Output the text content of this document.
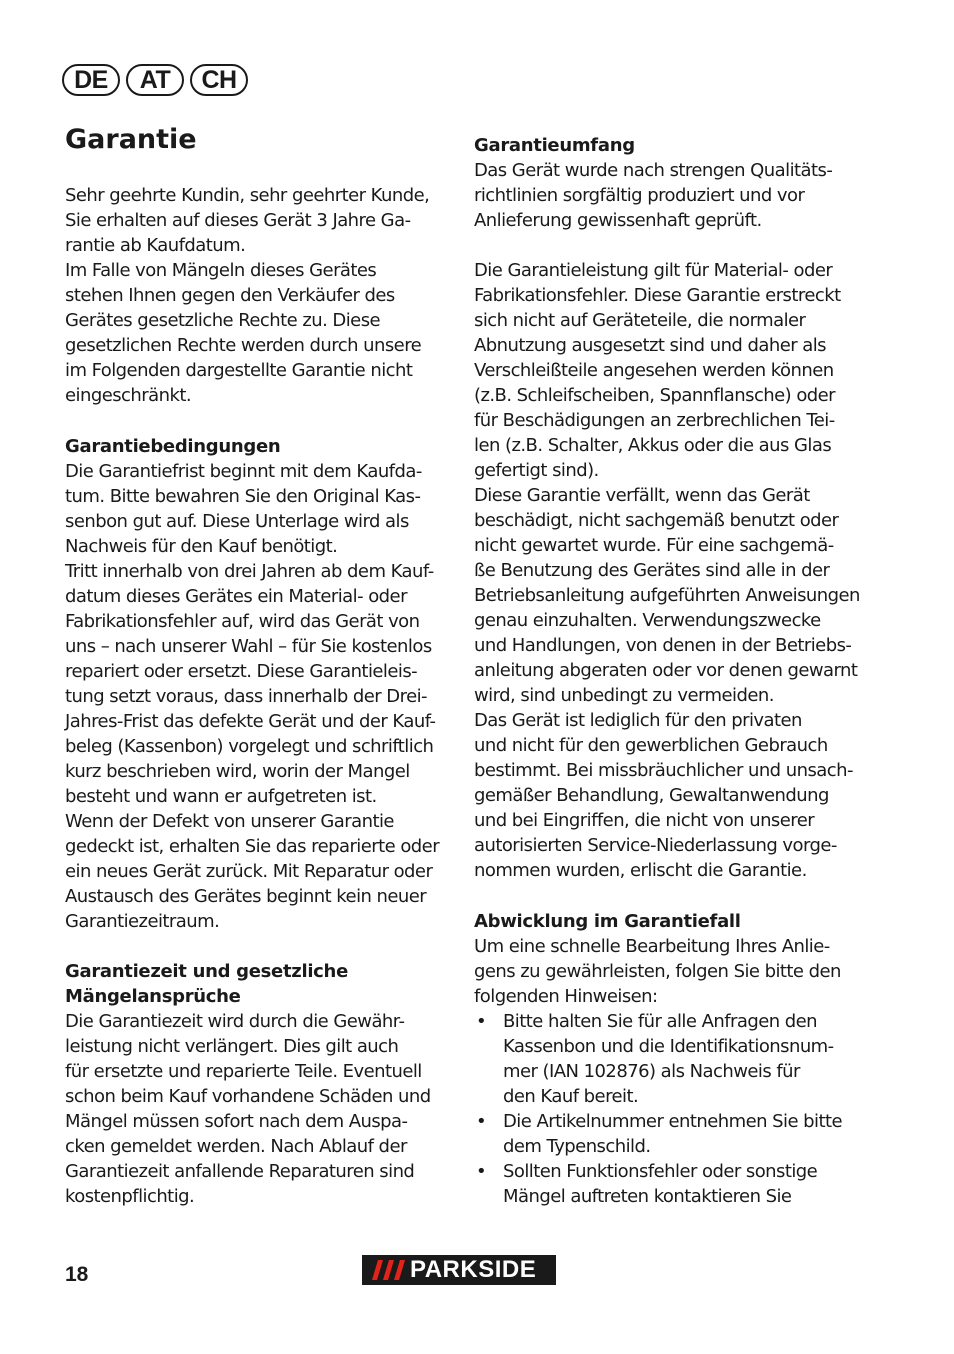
DE	AT	CH
Garantie

Sehr geehrte Kundin, sehr geehrter Kunde,
Sie erhalten auf dieses Gerät 3 Jahre Ga-
rantie ab Kaufdatum.
Im Falle von Mängeln dieses Gerätes
stehen Ihnen gegen den Verkäufer des
Gerätes gesetzliche Rechte zu. Diese
gesetzlichen Rechte werden durch unsere
im Folgenden dargestellte Garantie nicht
eingeschränkt.

Garantiebedingungen

Die Garantiefrist beginnt mit dem Kaufda-
tum. Bitte bewahren Sie den Original Kas-
senbon gut auf. Diese Unterlage wird als
Nachweis für den Kauf benötigt.
Tritt innerhalb von drei Jahren ab dem Kauf-
datum dieses Gerätes ein Material- oder
Fabrikationsfehler auf, wird das Gerät von
uns – nach unserer Wahl – für Sie kostenlos
repariert oder ersetzt. Diese Garantieleis-
tung setzt voraus, dass innerhalb der Drei-
Jahres-Frist das defekte Gerät und der Kauf-
beleg (Kassenbon) vorgelegt und schriftlich
kurz beschrieben wird, worin der Mangel
besteht und wann er aufgetreten ist.
Wenn der Defekt von unserer Garantie
gedeckt ist, erhalten Sie das reparierte oder
ein neues Gerät zurück. Mit Reparatur oder
Austausch des Gerätes beginnt kein neuer
Garantiezeitraum.

Garantiezeit und gesetzliche
Mängelansprüche

Die Garantiezeit wird durch die Gewähr-
leistung nicht verlängert. Dies gilt auch
für ersetzte und reparierte Teile. Eventuell
schon beim Kauf vorhandene Schäden und
Mängel müssen sofort nach dem Auspa-
cken gemeldet werden. Nach Ablauf der
Garantiezeit anfallende Reparaturen sind
kostenpflichtig.

Garantieumfang

Das Gerät wurde nach strengen Qualitäts-
richtlinien sorgfältig produziert und vor
Anlieferung gewissenhaft geprüft.

Die Garantieleistung gilt für Material- oder
Fabrikationsfehler. Diese Garantie erstreckt
sich nicht auf Geräteteile, die normaler
Abnutzung ausgesetzt sind und daher als
Verschleißteile angesehen werden können
(z.B. Schleifscheiben, Spannflansche) oder
für Beschädigungen an zerbrechlichen Tei-
len (z.B. Schalter, Akkus oder die aus Glas
gefertigt sind).
Diese Garantie verfällt, wenn das Gerät
beschädigt, nicht sachgemäß benutzt oder
nicht gewartet wurde. Für eine sachgemä-
ße Benutzung des Gerätes sind alle in der
Betriebsanleitung aufgeführten Anweisungen
genau einzuhalten. Verwendungszwecke
und Handlungen, von denen in der Betriebs-
anleitung abgeraten oder vor denen gewarnt
wird, sind unbedingt zu vermeiden.
Das Gerät ist lediglich für den privaten
und nicht für den gewerblichen Gebrauch
bestimmt. Bei missbräuchlicher und unsach-
gemäßer Behandlung, Gewaltanwendung
und bei Eingriffen, die nicht von unserer
autorisierten Service-Niederlassung vorge-
nommen wurden, erlischt die Garantie.

Abwicklung im Garantiefall

Um eine schnelle Bearbeitung Ihres Anlie-
gens zu gewährleisten, folgen Sie bitte den
folgenden Hinweisen:

• Bitte halten Sie für alle Anfragen den
Kassenbon und die Identifikationsnum-
mer (IAN 102876) als Nachweis für
den Kauf bereit.
• Die Artikelnummer entnehmen Sie bitte
dem Typenschild.
• Sollten Funktionsfehler oder sonstige
Mängel auftreten kontaktieren Sie
18	PARKSIDE
